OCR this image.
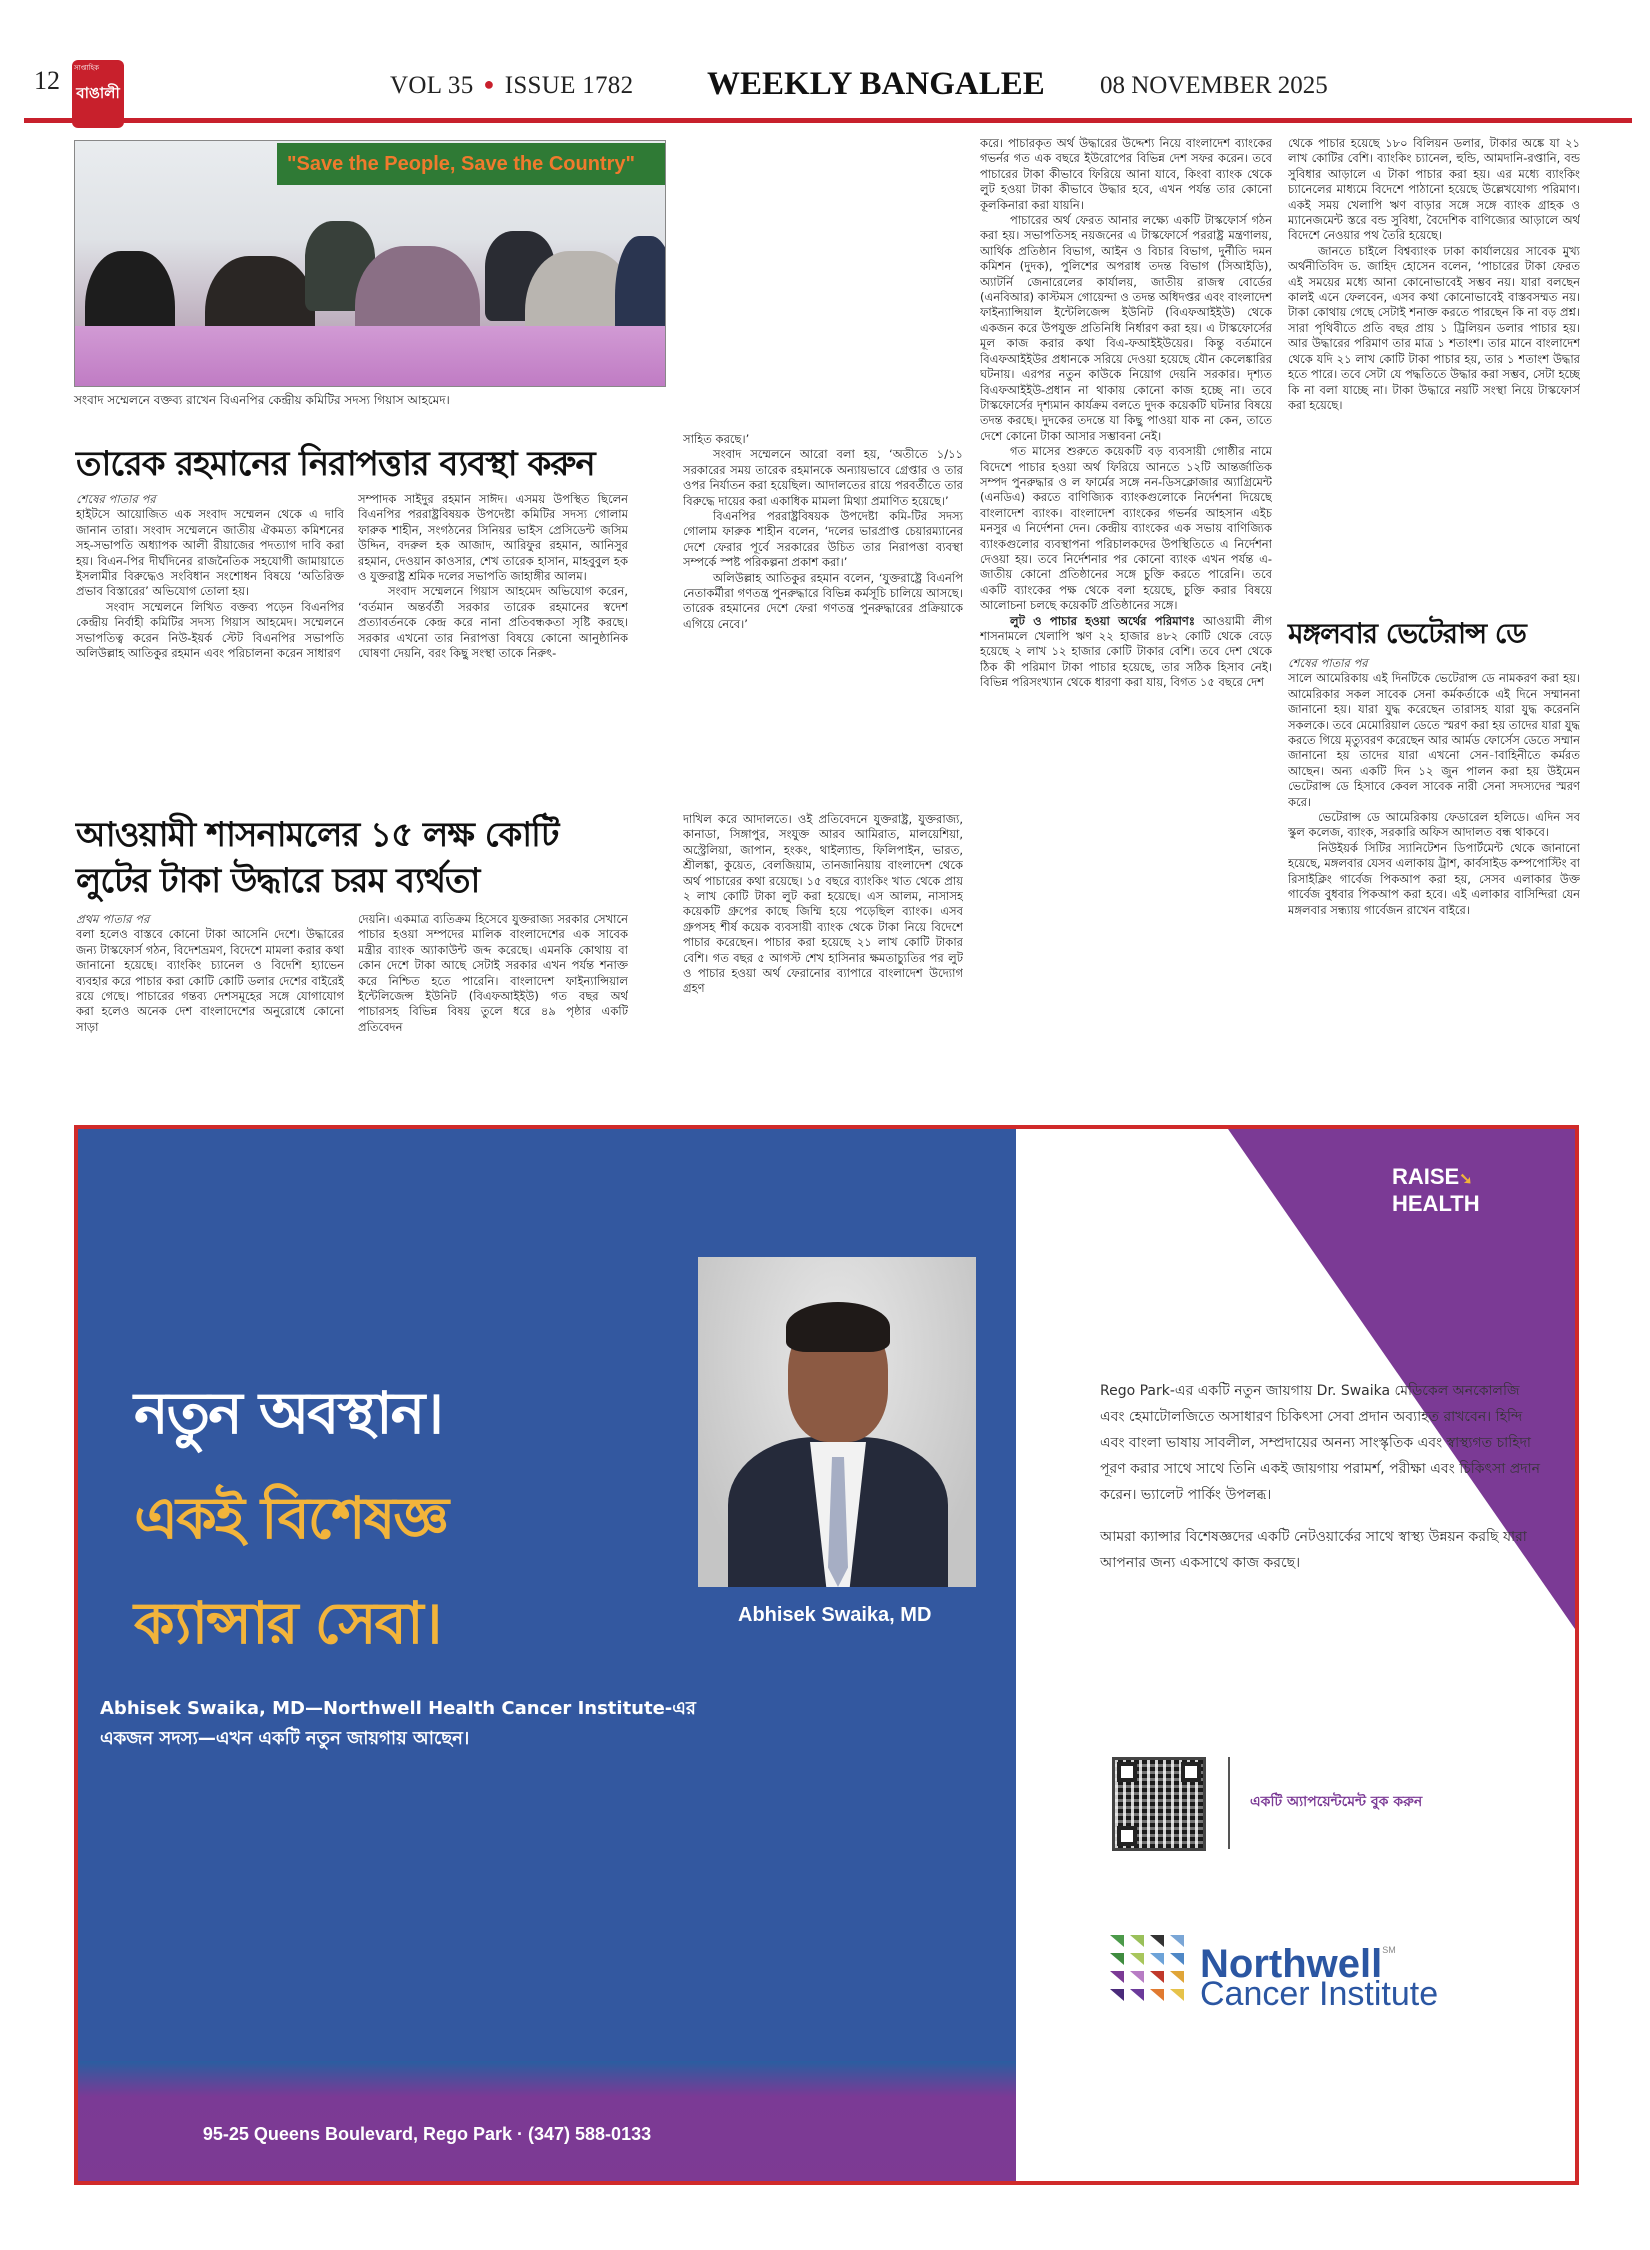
12 বাঙালী
সাপ্তাহিক
VOL 35 ● ISSUE 1782 WEEKLY BANGALEE 08 NOVEMBER 2025
"Save the People, Save the Country"
সংবাদ সম্মেলনে বক্তব্য রাখেন বিএনপির কেন্দ্রীয় কমিটির সদস্য গিয়াস আহমেদ।
তারেক রহমানের নিরাপত্তার ব্যবস্থা করুন
শেষের পাতার পর

হাইটসে আয়োজিত এক সংবাদ সম্মেলন থেকে এ দাবি জানান তারা। সংবাদ সম্মেলনে জাতীয় ঐকমত্য কমিশনের সহ-সভাপতি অধ্যাপক আলী রীয়াজের পদত্যাগ দাবি করা হয়। বিএন-পির দীর্ঘদিনের রাজনৈতিক সহযোগী জামায়াতে ইসলামীর বিরুদ্ধেও সংবিধান সংশোধন বিষয়ে ‘অতিরিক্ত প্রভাব বিস্তারের’ অভিযোগ তোলা হয়।

সংবাদ সম্মেলনে লিখিত বক্তব্য পড়েন বিএনপির কেন্দ্রীয় নির্বাহী কমিটির সদস্য গিয়াস আহমেদ। সম্মেলনে সভাপতিত্ব করেন নিউ-ইয়র্ক স্টেট বিএনপির সভাপতি অলিউল্লাহ আতিকুর রহমান এবং পরিচালনা করেন সাধারণ

সম্পাদক সাইদুর রহমান সাঈদ। এসময় উপস্থিত ছিলেন বিএনপির পররাষ্ট্রবিষয়ক উপদেষ্টা কমিটির সদস্য গোলাম ফারুক শাহীন, সংগঠনের সিনিয়র ভাইস প্রেসিডেন্ট জসিম উদ্দিন, বদরুল হক আজাদ, আরিফুর রহমান, আনিসুর রহমান, দেওয়ান কাওসার, শেখ তারেক হাসান, মাহবুবুল হক ও যুক্তরাষ্ট্র শ্রমিক দলের সভাপতি জাহাঙ্গীর আলম।

সংবাদ সম্মেলনে গিয়াস আহমেদ অভিযোগ করেন, ‘বর্তমান অন্তর্বর্তী সরকার তারেক রহমানের স্বদেশ প্রত্যাবর্তনকে কেন্দ্র করে নানা প্রতিবন্ধকতা সৃষ্টি করছে। সরকার এখনো তার নিরাপত্তা বিষয়ে কোনো আনুষ্ঠানিক ঘোষণা দেয়নি, বরং কিছু সংস্থা তাকে নিরুৎ-

সাহিত করছে।’

সংবাদ সম্মেলনে আরো বলা হয়, ‘অতীতে ১/১১ সরকারের সময় তারেক রহমানকে অন্যায়ভাবে গ্রেপ্তার ও তার ওপর নির্যাতন করা হয়েছিল। আদালতের রায়ে পরবর্তীতে তার বিরুদ্ধে দায়ের করা একাধিক মামলা মিথ্যা প্রমাণিত হয়েছে।’

বিএনপির পররাষ্ট্রবিষয়ক উপদেষ্টা কমি-টির সদস্য গোলাম ফারুক শাহীন বলেন, ‘দলের ভারপ্রাপ্ত চেয়ারম্যানের দেশে ফেরার পূর্বে সরকারের উচিত তার নিরাপত্তা ব্যবস্থা সম্পর্কে স্পষ্ট পরিকল্পনা প্রকাশ করা।’

অলিউল্লাহ আতিকুর রহমান বলেন, ‘যুক্তরাষ্ট্রে বিএনপি নেতাকর্মীরা গণতন্ত্র পুনরুদ্ধারে বিভিন্ন কর্মসূচি চালিয়ে আসছে। তারেক রহমানের দেশে ফেরা গণতন্ত্র পুনরুদ্ধারের প্রক্রিয়াকে এগিয়ে নেবে।’

আওয়ামী শাসনামলের ১৫ লক্ষ কোটি
লুটের টাকা উদ্ধারে চরম ব্যর্থতা
প্রথম পাতার পর

বলা হলেও বাস্তবে কোনো টাকা আসেনি দেশে। উদ্ধারের জন্য টাস্কফোর্স গঠন, বিদেশভ্রমণ, বিদেশে মামলা করার কথা জানানো হয়েছে। ব্যাংকিং চ্যানেল ও বিদেশি হ্যাভেন ব্যবহার করে পাচার করা কোটি কোটি ডলার দেশের বাইরেই রয়ে গেছে। পাচারের গন্তব্য দেশসমূহের সঙ্গে যোগাযোগ করা হলেও অনেক দেশ বাংলাদেশের অনুরোধে কোনো সাড়া

দেয়নি। একমাত্র ব্যতিক্রম হিসেবে যুক্তরাজ্য সরকার সেখানে পাচার হওয়া সম্পদের মালিক বাংলাদেশের এক সাবেক মন্ত্রীর ব্যাংক অ্যাকাউন্ট জব্দ করেছে। এমনকি কোথায় বা কোন দেশে টাকা আছে সেটাই সরকার এখন পর্যন্ত শনাক্ত করে নিশ্চিত হতে পারেনি। বাংলাদেশ ফাইন্যান্সিয়াল ইন্টেলিজেন্স ইউনিট (বিএফআইইউ) গত বছর অর্থ পাচারসহ বিভিন্ন বিষয় তুলে ধরে ৪৯ পৃষ্ঠার একটি প্রতিবেদন

দাখিল করে আদালতে। ওই প্রতিবেদনে যুক্তরাষ্ট্র, যুক্তরাজ্য, কানাডা, সিঙ্গাপুর, সংযুক্ত আরব আমিরাত, মালয়েশিয়া, অস্ট্রেলিয়া, জাপান, হংকং, থাইল্যান্ড, ফিলিপাইন, ভারত, শ্রীলঙ্কা, কুয়েত, বেলজিয়াম, তানজানিয়ায় বাংলাদেশ থেকে অর্থ পাচারের কথা রয়েছে। ১৫ বছরে ব্যাংকিং খাত থেকে প্রায় ২ লাখ কোটি টাকা লুট করা হয়েছে। এস আলম, নাসাসহ কয়েকটি গ্রুপের কাছে জিম্মি হয়ে পড়েছিল ব্যাংক। এসব গ্রুপসহ শীর্ষ কয়েক ব্যবসায়ী ব্যাংক থেকে টাকা নিয়ে বিদেশে পাচার করেছেন। পাচার করা হয়েছে ২১ লাখ কোটি টাকার বেশি। গত বছর ৫ আগস্ট শেখ হাসিনার ক্ষমতাচ্যুতির পর লুট ও পাচার হওয়া অর্থ ফেরানোর ব্যাপারে বাংলাদেশ উদ্যোগ গ্রহণ

করে। পাচারকৃত অর্থ উদ্ধারের উদ্দেশ্য নিয়ে বাংলাদেশ ব্যাংকের গভর্নর গত এক বছরে ইউরোপের বিভিন্ন দেশ সফর করেন। তবে পাচারের টাকা কীভাবে ফিরিয়ে আনা যাবে, কিংবা ব্যাংক থেকে লুট হওয়া টাকা কীভাবে উদ্ধার হবে, এখন পর্যন্ত তার কোনো কূলকিনারা করা যায়নি।

পাচারের অর্থ ফেরত আনার লক্ষ্যে একটি টাস্কফোর্স গঠন করা হয়। সভাপতিসহ নয়জনের এ টাস্কফোর্সে পররাষ্ট্র মন্ত্রণালয়, আর্থিক প্রতিষ্ঠান বিভাগ, আইন ও বিচার বিভাগ, দুর্নীতি দমন কমিশন (দুদক), পুলিশের অপরাধ তদন্ত বিভাগ (সিআইডি), অ্যাটর্নি জেনারেলের কার্যালয়, জাতীয় রাজস্ব বোর্ডের (এনবিআর) কাস্টমস গোয়েন্দা ও তদন্ত অধিদপ্তর এবং বাংলাদেশ ফাইন্যান্সিয়াল ইন্টেলিজেন্স ইউনিট (বিএফআইইউ) থেকে একজন করে উপযুক্ত প্রতিনিধি নির্ধারণ করা হয়। এ টাস্কফোর্সের মূল কাজ করার কথা বিএ-ফআইইউয়ের। কিন্তু বর্তমানে বিএফআইইউর প্রধানকে সরিয়ে দেওয়া হয়েছে যৌন কেলেঙ্কারির ঘটনায়। এরপর নতুন কাউকে নিয়োগ দেয়নি সরকার। দৃশ্যত বিএফআইইউ-প্রধান না থাকায় কোনো কাজ হচ্ছে না। তবে টাস্কফোর্সের দৃশ্যমান কার্যক্রম বলতে দুদক কয়েকটি ঘটনার বিষয়ে তদন্ত করছে। দুদকের তদন্তে যা কিছু পাওয়া যাক না কেন, তাতে দেশে কোনো টাকা আসার সম্ভাবনা নেই।

গত মাসের শুরুতে কয়েকটি বড় ব্যবসায়ী গোষ্ঠীর নামে বিদেশে পাচার হওয়া অর্থ ফিরিয়ে আনতে ১২টি আন্তর্জাতিক সম্পদ পুনরুদ্ধার ও ল ফার্মের সঙ্গে নন-ডিসক্লোজার অ্যাগ্রিমেন্ট (এনডিএ) করতে বাণিজ্যিক ব্যাংকগুলোকে নির্দেশনা দিয়েছে বাংলাদেশ ব্যাংক। বাংলাদেশ ব্যাংকের গভর্নর আহসান এইচ মনসুর এ নির্দেশনা দেন। কেন্দ্রীয় ব্যাংকের এক সভায় বাণিজ্যিক ব্যাংকগুলোর ব্যবস্থাপনা পরিচালকদের উপস্থিতিতে এ নির্দেশনা দেওয়া হয়। তবে নির্দেশনার পর কোনো ব্যাংক এখন পর্যন্ত এ-জাতীয় কোনো প্রতিষ্ঠানের সঙ্গে চুক্তি করতে পারেনি। তবে একটি ব্যাংকের পক্ষ থেকে বলা হয়েছে, চুক্তি করার বিষয়ে আলোচনা চলছে কয়েকটি প্রতিষ্ঠানের সঙ্গে।

লুট ও পাচার হওয়া অর্থের পরিমাণঃ আওয়ামী লীগ শাসনামলে খেলাপি ঋণ ২২ হাজার ৪৮২ কোটি থেকে বেড়ে হয়েছে ২ লাখ ১২ হাজার কোটি টাকার বেশি। তবে দেশ থেকে ঠিক কী পরিমাণ টাকা পাচার হয়েছে, তার সঠিক হিসাব নেই। বিভিন্ন পরিসংখ্যান থেকে ধারণা করা যায়, বিগত ১৫ বছরে দেশ

থেকে পাচার হয়েছে ১৮০ বিলিয়ন ডলার, টাকার অঙ্কে যা ২১ লাখ কোটির বেশি। ব্যাংকিং চ্যানেল, হুন্ডি, আমদানি-রপ্তানি, বন্ড সুবিধার আড়ালে এ টাকা পাচার করা হয়। এর মধ্যে ব্যাংকিং চ্যানেলের মাধ্যমে বিদেশে পাঠানো হয়েছে উল্লেখযোগ্য পরিমাণ। একই সময় খেলাপি ঋণ বাড়ার সঙ্গে সঙ্গে ব্যাংক গ্রাহক ও ম্যানেজমেন্ট স্তরে বন্ড সুবিধা, বৈদেশিক বাণিজ্যের আড়ালে অর্থ বিদেশে নেওয়ার পথ তৈরি হয়েছে।

জানতে চাইলে বিশ্বব্যাংক ঢাকা কার্যালয়ের সাবেক মুখ্য অর্থনীতিবিদ ড. জাহিদ হোসেন বলেন, ‘পাচারের টাকা ফেরত এই সময়ের মধ্যে আনা কোনোভাবেই সম্ভব নয়। যারা বলছেন কালই এনে ফেলবেন, এসব কথা কোনোভাবেই বাস্তবসম্মত নয়। টাকা কোথায় গেছে সেটাই শনাক্ত করতে পারছেন কি না বড় প্রশ্ন। সারা পৃথিবীতে প্রতি বছর প্রায় ১ ট্রিলিয়ন ডলার পাচার হয়। আর উদ্ধারের পরিমাণ তার মাত্র ১ শতাংশ। তার মানে বাংলাদেশ থেকে যদি ২১ লাখ কোটি টাকা পাচার হয়, তার ১ শতাংশ উদ্ধার হতে পারে। তবে সেটা যে পদ্ধতিতে উদ্ধার করা সম্ভব, সেটা হচ্ছে কি না বলা যাচ্ছে না। টাকা উদ্ধারে নয়টি সংস্থা নিয়ে টাস্কফোর্স করা হয়েছে।

মঙ্গলবার ভেটেরান্স ডে
শেষের পাতার পর

সালে আমেরিকায় এই দিনটিকে ভেটেরান্স ডে নামকরণ করা হয়। আমেরিকার সকল সাবেক সেনা কর্মকর্তাকে এই দিনে সম্মাননা জানানো হয়। যারা যুদ্ধ করেছেন তারাসহ যারা যুদ্ধ করেননি সকলকে। তবে মেমোরিয়াল ডেতে স্মরণ করা হয় তাদের যারা যুদ্ধ করতে গিয়ে মৃত্যুবরণ করেছেন আর আর্মড ফোর্সেস ডেতে সম্মান জানানো হয় তাদের যারা এখনো সেন-াবাহিনীতে কর্মরত আছেন। অন্য একটি দিন ১২ জুন পালন করা হয় উইমেন ভেটেরান্স ডে হিসাবে কেবল সাবেক নারী সেনা সদস্যদের স্মরণ করে।

ভেটেরান্স ডে আমেরিকায় ফেডারেল হলিডে। এদিন সব স্কুল কলেজ, ব্যাংক, সরকারি অফিস আদালত বন্ধ থাকবে।

নিউইয়র্ক সিটির স্যানিটেশন ডিপার্টমেন্ট থেকে জানানো হয়েছে, মঙ্গলবার যেসব এলাকায় ট্রাশ, কার্বসাইড কম্পপোস্টিং বা রিসাইক্লিং গার্বেজ পিকআপ করা হয়, সেসব এলাকার উক্ত গার্বেজ বুধবার পিকআপ করা হবে। এই এলাকার বাসিন্দিরা যেন মঙ্গলবার সন্ধ্যায় গার্বেজন রাখেন বাইরে।

95-25 Queens Boulevard, Rego Park · (347) 588-0133
নতুন অবস্থান।
একই বিশেষজ্ঞ
ক্যান্সার সেবা।	Abhisek Swaika, MD
Abhisek Swaika, MD—Northwell Health Cancer Institute-এর
একজন সদস্য—এখন একটি নতুন জায়গায় আছেন।
RAISE➘
HEALTH

Rego Park-এর একটি নতুন জায়গায় Dr. Swaika মেডিকেল অনকোলজি এবং হেমাটোলজিতে অসাধারণ চিকিৎসা সেবা প্রদান অব্যাহত রাখবেন। হিন্দি এবং বাংলা ভাষায় সাবলীল, সম্প্রদায়ের অনন্য সাংস্কৃতিক এবং স্বাস্থ্যগত চাহিদা পূরণ করার সাথে সাথে তিনি একই জায়গায় পরামর্শ, পরীক্ষা এবং চিকিৎসা প্রদান করেন। ভ্যালেট পার্কিং উপলব্ধ।

আমরা ক্যান্সার বিশেষজ্ঞদের একটি নেটওয়ার্কের সাথে স্বাস্থ্য উন্নয়ন করছি যারা আপনার জন্য একসাথে কাজ করছে।

একটি অ্যাপয়েন্টমেন্ট বুক করুন
Northwell℠
Cancer Institute
